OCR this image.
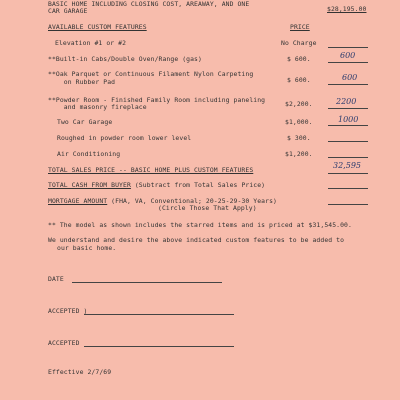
BASIC HOME INCLUDING CLOSING COST, AREAWAY, AND ONE
CAR GARAGE	$28,195.00
AVAILABLE CUSTOM FEATURES	PRICE
Elevation #1 or #2	No Charge
**Built-in Cabs/Double Oven/Range (gas)	$ 600.	600
**Oak Parquet or Continuous Filament Nylon Carpeting
on Rubber Pad	$ 600.	600
**Powder Room - Finished Family Room including paneling
and masonry fireplace	$2,200.	2200
Two Car Garage	$1,000.	1000
Roughed in powder room lower level	$ 300.
Air Conditioning	$1,200.
TOTAL SALES PRICE -- BASIC HOME PLUS CUSTOM FEATURES	32,595
TOTAL CASH FROM BUYER (Subtract from Total Sales Price)
MORTGAGE AMOUNT (FHA, VA, Conventional; 20-25-29-30 Years)
(Circle Those That Apply)
** The model as shown includes the starred items and is priced at $31,545.00.
We understand and desire the above indicated custom features to be added to
our basic home.
DATE
ACCEPTED )
ACCEPTED
Effective 2/7/69
